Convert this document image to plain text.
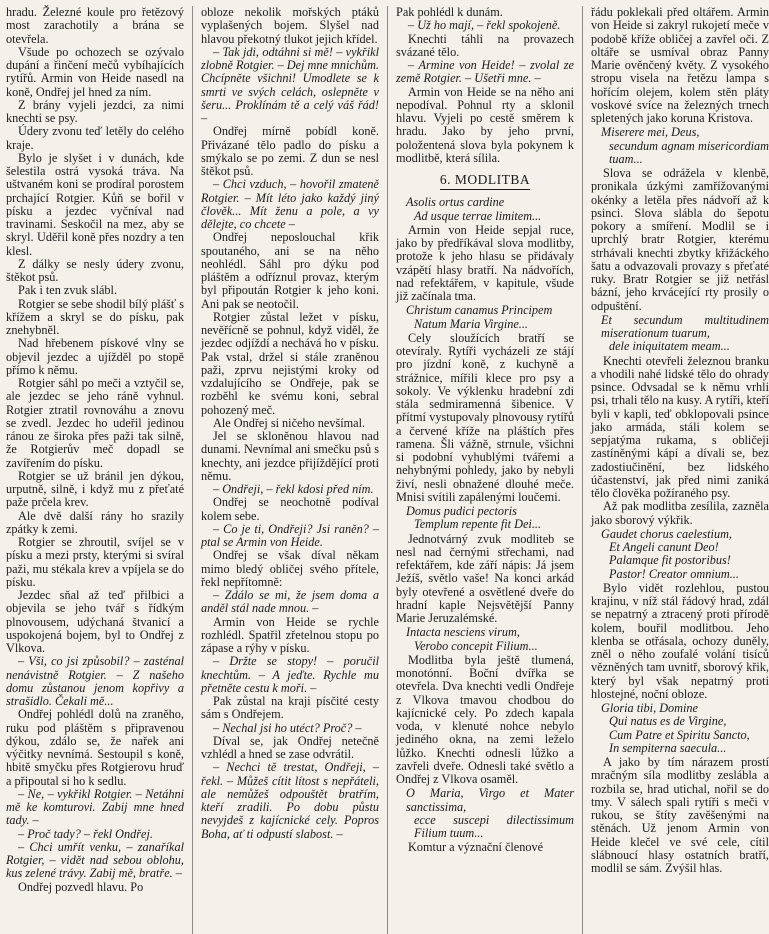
hradu. Železné koule pro řetězový most zarachotily a brána se otevřela.

Všude po ochozech se ozývalo dupání a řinčení mečů vybíhajících rytířů. Armin von Heide nasedl na koně, Ondřej jel hned za ním.

Z brány vyjeli jezdci, za nimi knechti se psy.

Údery zvonu teď letěly do celého kraje.

Bylo je slyšet i v dunách, kde šelestila ostrá vysoká tráva. Na uštvaném koni se prodíral porostem prchající Rotgier. Kůň se bořil v písku a jezdec vyčníval nad travinami. Seskočil na mez, aby se skryl. Uděřil koně přes nozdry a ten klesl.

Z dálky se nesly údery zvonu, štěkot psů.

Pak i ten zvuk slábl.

Rotgier se sebe shodil bílý plášť s křížem a skryl se do písku, pak znehybněl.

Nad hřebenem pískové vlny se objevil jezdec a ujížděl po stopě přímo k němu.

Rotgier sáhl po meči a vztyčil se, ale jezdec se jeho ráně vyhnul. Rotgier ztratil rovnováhu a znovu se zvedl. Jezdec ho udeřil jedinou ránou ze široka přes paži tak silně, že Rotgierův meč dopadl se zavířením do písku.

Rotgier se už bránil jen dýkou, urputně, silně, i když mu z přeťaté paže prčela krev.

Ale dvě další rány ho srazily zpátky k zemi.

Rotgier se zhroutil, svíjel se v písku a mezi prsty, kterými si svíral paži, mu stékala krev a vpíjela se do písku.

Jezdec sňal až teď přilbici a objevila se jeho tvář s řídkým plnovousem, udýchaná štvanicí a uspokojená bojem, byl to Ondřej z Vlkova.

– Vši, co jsi způsobil? – zasténal nenávistně Rotgier. – Z našeho domu zůstanou jenom kopřivy a strašidlo. Čekali mě...

Ondřej pohlédl dolů na zraněho, ruku pod pláštěm s připravenou dýkou, zdálo se, že nařek ani výčitky nevnímá. Sestoupil s koně, hbitě smyčku přes Rotgierovu hruď a připoutal si ho k sedlu.

– Ne, – vykřikl Rotgier. – Netáhni mě ke komturovi. Zabij mne hned tady. –

– Proč tady? – řekl Ondřej.

– Chci umřít venku, – zanaříkal Rotgier, – vidět nad sebou oblohu, kus zelené trávy. Zabij mě, bratře. –

Ondřej pozvedl hlavu. Po

obloze nekolik mořských ptáků vyplašených bojem. Slyšel nad hlavou překotný tlukot jejich křídel.

– Tak jdi, odtáhni si mě! – vykřikl zlobně Rotgier. – Dej mne mnichům. Chcípněte všichni! Umodlete se k smrti ve svých celách, oslepněte v šeru... Proklínám tě a celý váš řád! –

Ondřej mírně pobídl koně. Přivázané tělo padlo do písku a smýkalo se po zemi. Z dun se nesl štěkot psů.

– Chci vzduch, – hovořil zmateně Rotgier. – Mít léto jako každý jiný člověk... Mít ženu a pole, a vy dělejte, co chcete –

Ondřej neposlouchal křik spoutaného, ani se na něho neohlédl. Sáhl pro dýku pod pláštěm a odříznul provaz, kterým byl připoután Rotgier k jeho koni. Ani pak se neotočil.

Rotgier zůstal ležet v písku, nevěřícně se pohnul, když viděl, že jezdec odjíždí a nechává ho v písku. Pak vstal, držel si stále zraněnou paži, zprvu nejistými kroky od vzdalujícího se Ondřeje, pak se rozběhl ke svému koni, sebral pohozený meč.

Ale Ondřej si ničeho nevšímal.

Jel se skloněnou hlavou nad dunami. Nevnímal ani smečku psů s knechty, ani jezdce přijíždějící proti němu.

– Ondřeji, – řekl kdosi před ním.

Ondřej se neochotně podíval kolem sebe.

– Co je ti, Ondřeji? Jsi raněn? – ptal se Armin von Heide.

Ondřej se však díval někam mimo bledý obličej svého přítele, řekl nepřítomně:

– Zdálo se mi, že jsem doma a anděl stál nade mnou. –

Armin von Heide se rychle rozhlédl. Spatřil zřetelnou stopu po zápase a rýhy v písku.

– Držte se stopy! – poručil knechtům. – A jeďte. Rychle mu přetněte cestu k moři. –

Pak zůstal na kraji písčité cesty sám s Ondřejem.

– Nechal jsi ho utéct? Proč? –

Díval se, jak Ondřej netečně vzhlédl a hned se zase odvrátil.

– Nechci tě trestat, Ondřeji, – řekl. – Můžeš cítit lítost s nepřáteli, ale nemůžeš odpouštět bratřím, kteří zradili. Po dobu půstu nevyjdeš z kajícnické cely. Popros Boha, ať ti odpustí slabost. –

Pak pohlédl k dunám.

– Už ho mají, – řekl spokojeně.

Knechti táhli na provazech svázané tělo.

– Armine von Heide! – zvolal ze země Rotgier. – Ušetři mne. –

Armin von Heide se na něho ani nepodíval. Pohnul rty a sklonil hlavu. Vyjeli po cestě směrem k hradu. Jako by jeho první, položentená slova byla pokynem k modlitbě, která sílila.

6. MODLITBA
Asolis ortus cardine
Ad usque terrae limitem...

Armin von Heide sepjal ruce, jako by předříkával slova modlitby, protože k jeho hlasu se přidávaly vzápětí hlasy bratří. Na nádvořích, nad refektářem, v kapitule, všude již začínala tma.

Christum canamus Principem
Natum Maria Virgine...

Cely sloužících bratří se otevíraly. Rytíři vycházeli ze stájí pro jízdní koně, z kuchyně a strážnice, mířili klece pro psy a sokoly. Ve výklenku hradební zdi stála sedmiramenná šibenice. V přítmí vystupovaly plnovousy rytířů a červené kříže na pláštích přes ramena. Šli vážně, strnule, všichni si podobní vyhublými tvářemi a nehybnými pohledy, jako by nebyli živí, nesli obnažené dlouhé meče. Mnisi svítili zapálenými loučemi.

Domus pudici pectoris
Templum repente fit Dei...

Jednotvárný zvuk modliteb se nesl nad černými střechami, nad refektářem, kde září nápis: Já jsem Ježíš, světlo vaše! Na konci arkád byly otevřené a osvětlené dveře do hradní kaple Nejsvětější Panny Marie Jeruzalémské.

Intacta nesciens virum,
Verobo concepit Filium...

Modlitba byla ještě tlumená, monotónní. Boční dvířka se otevřela. Dva knechti vedli Ondřeje z Vlkova tmavou chodbou do kajícnické cely. Po zdech kapala voda, v klenuté nohce nebylo jediného okna, na zemi leželo lůžko. Knechti odnesli lůžko a zavřeli dveře. Odnesli také světlo a Ondřej z Vlkova osaměl.

O Maria, Virgo et Mater sanctissima,
ecce suscepi dilectissimum Filium tuum...

Komtur a význační členové

řádu poklekali před oltářem. Armin von Heide si zakryl rukojetí meče v podobě kříže obličej a zavřel oči. Z oltáře se usmíval obraz Panny Marie ověnčený květy. Z vysokého stropu visela na řetězu lampa s hořícím olejem, kolem stěn pláty voskové svíce na železných trnech spletených jako koruna Kristova.

Miserere mei, Deus,
secundum agnam misericordiam tuam...

Slova se odrážela v klenbě, pronikala úzkými zamřížovanými okénky a letěla přes nádvoří až k psinci. Slova slábla do šepotu pokory a smíření. Modlil se i uprchlý bratr Rotgier, kterému strhávali knechti zbytky křižáckého šatu a odvazovali provazy s přeťaté ruky. Bratr Rotgier se již netřásl bázní, jeho krvácející rty prosily o odpuštění.

Et secundum multitudinem miserationum tuarum,
dele iniquitatem meam...

Knechti otevřeli železnou branku a vhodili nahé lidské tělo do ohrady psince. Odvsadal se k němu vrhli psi, trhali tělo na kusy. A rytíři, kteří byli v kapli, teď obklopovali psince jako armáda, stáli kolem se sepjatýma rukama, s obličeji zastíněnými kápí a dívali se, bez zadostiučinění, bez lidského účastenství, jak před nimi zaniká tělo člověka požíraného psy.

Až pak modlitba zesílila, zazněla jako sborový výkřik.

Gaudet chorus caelestium,
Et Angeli canunt Deo!
Palamque fit postoribus!
Pastor! Creator omnium...

Bylo vidět rozlehlou, pustou krajinu, v níž stál řádový hrad, zdál se nepatrný a ztracený proti přírodě kolem, bouřil modlitbou. Jeho klenba se otřásala, ochozy duněly, zněl o něho zoufalé volání tisíců vězněných tam uvnitř, sborový křik, který byl však nepatrný proti hlostejné, noční obloze.

Gloria tibi, Domine
Qui natus es de Virgine,
Cum Patre et Spiritu Sancto,
In sempiterna saecula...

A jako by tím nárazem prostí mračným síla modlitby zeslábla a rozbila se, hrad utichal, nořil se do tmy. V sálech spali rytíři s meči v rukou, se štíty zavěšenými na stěnách. Už jenom Armin von Heide klečel ve své cele, cítil slábnoucí hlasy ostatních bratří, modlil se sám. Zvýšil hlas.
